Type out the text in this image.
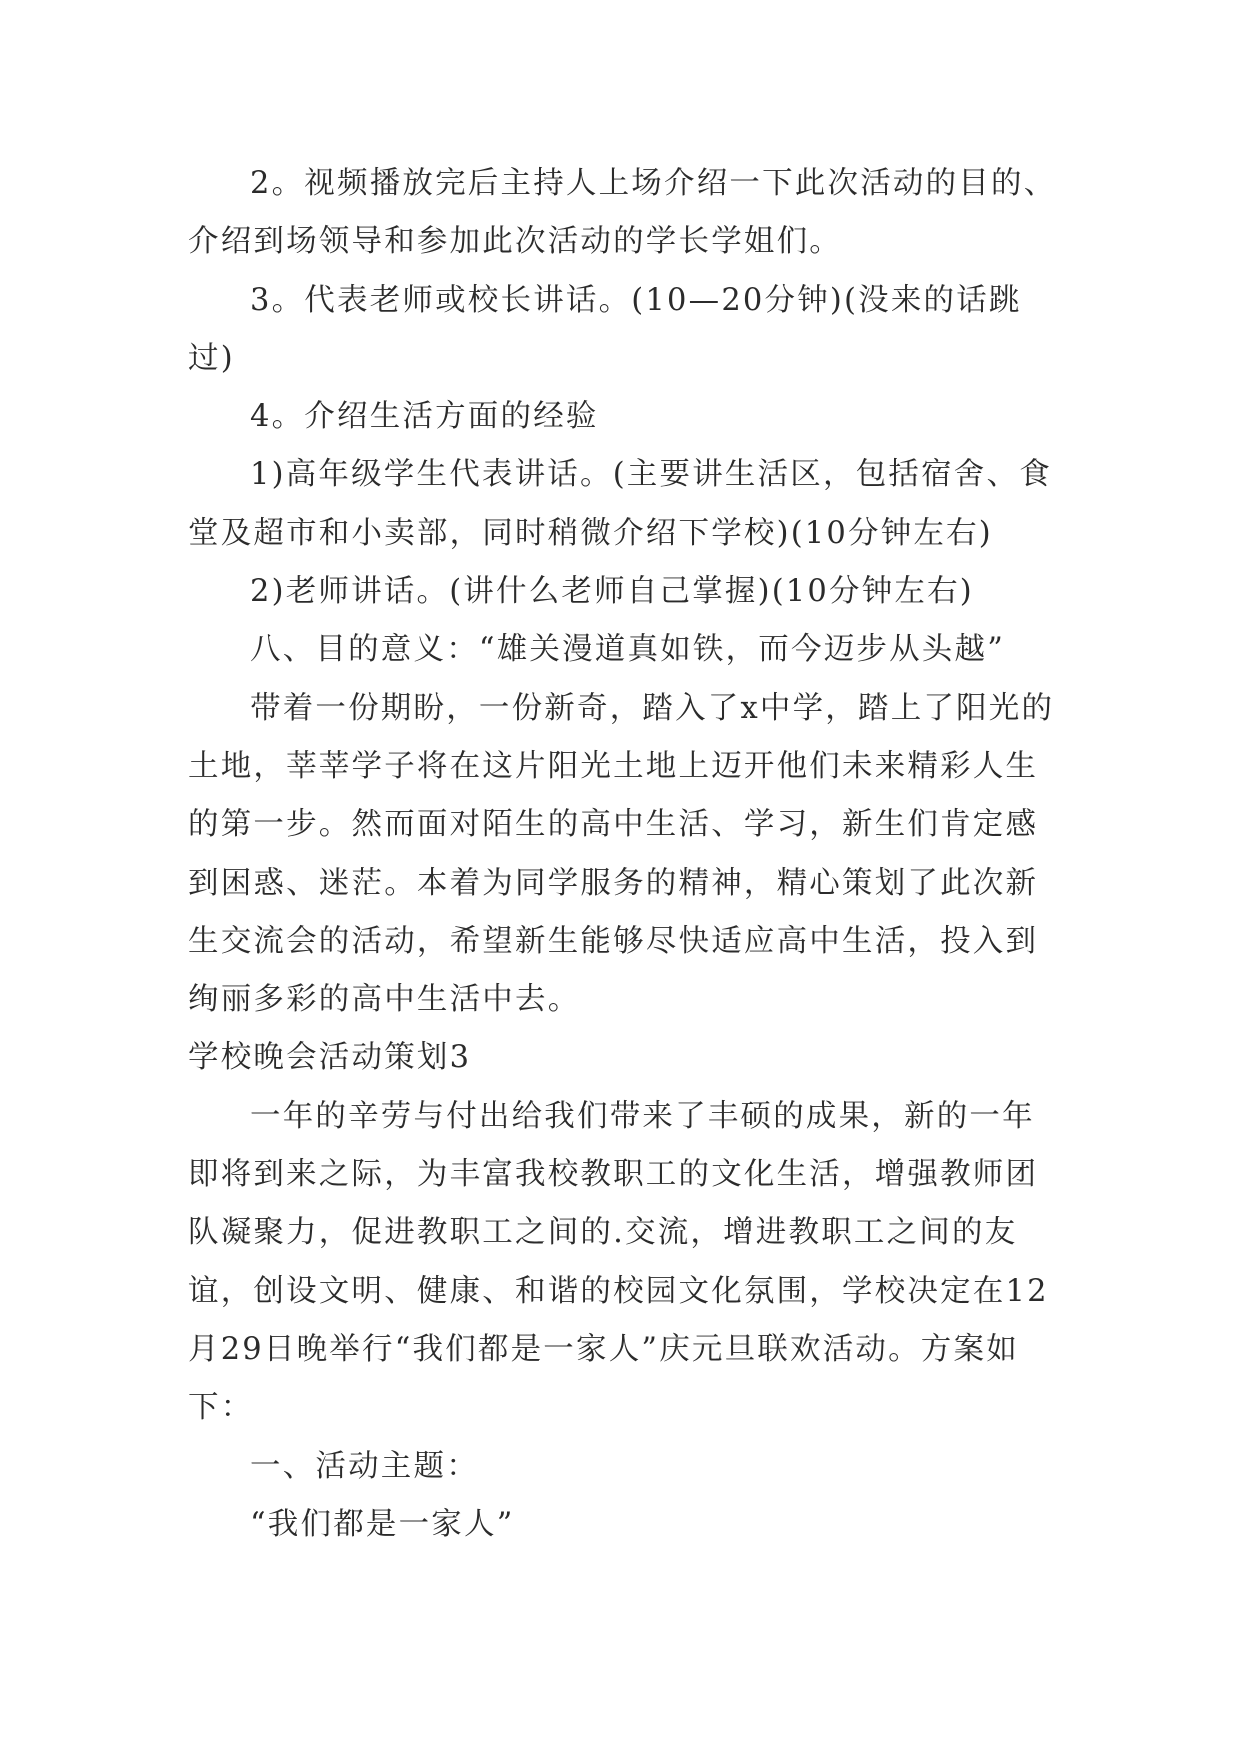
2。视频播放完后主持人上场介绍一下此次活动的目的、介绍到场领导和参加此次活动的学长学姐们。

3。代表老师或校长讲话。(10—20分钟)(没来的话跳过)

4。介绍生活方面的经验

1)高年级学生代表讲话。(主要讲生活区，包括宿舍、食堂及超市和小卖部，同时稍微介绍下学校)(10分钟左右)

2)老师讲话。(讲什么老师自己掌握)(10分钟左右)

八、目的意义：“雄关漫道真如铁，而今迈步从头越”

带着一份期盼，一份新奇，踏入了x中学，踏上了阳光的土地，莘莘学子将在这片阳光土地上迈开他们未来精彩人生的第一步。然而面对陌生的高中生活、学习，新生们肯定感到困惑、迷茫。本着为同学服务的精神，精心策划了此次新生交流会的活动，希望新生能够尽快适应高中生活，投入到绚丽多彩的高中生活中去。

学校晚会活动策划3

一年的辛劳与付出给我们带来了丰硕的成果，新的一年即将到来之际，为丰富我校教职工的文化生活，增强教师团队凝聚力，促进教职工之间的.交流，增进教职工之间的友谊，创设文明、健康、和谐的校园文化氛围，学校决定在12月29日晚举行“我们都是一家人”庆元旦联欢活动。方案如下：

一、活动主题：

“我们都是一家人”
